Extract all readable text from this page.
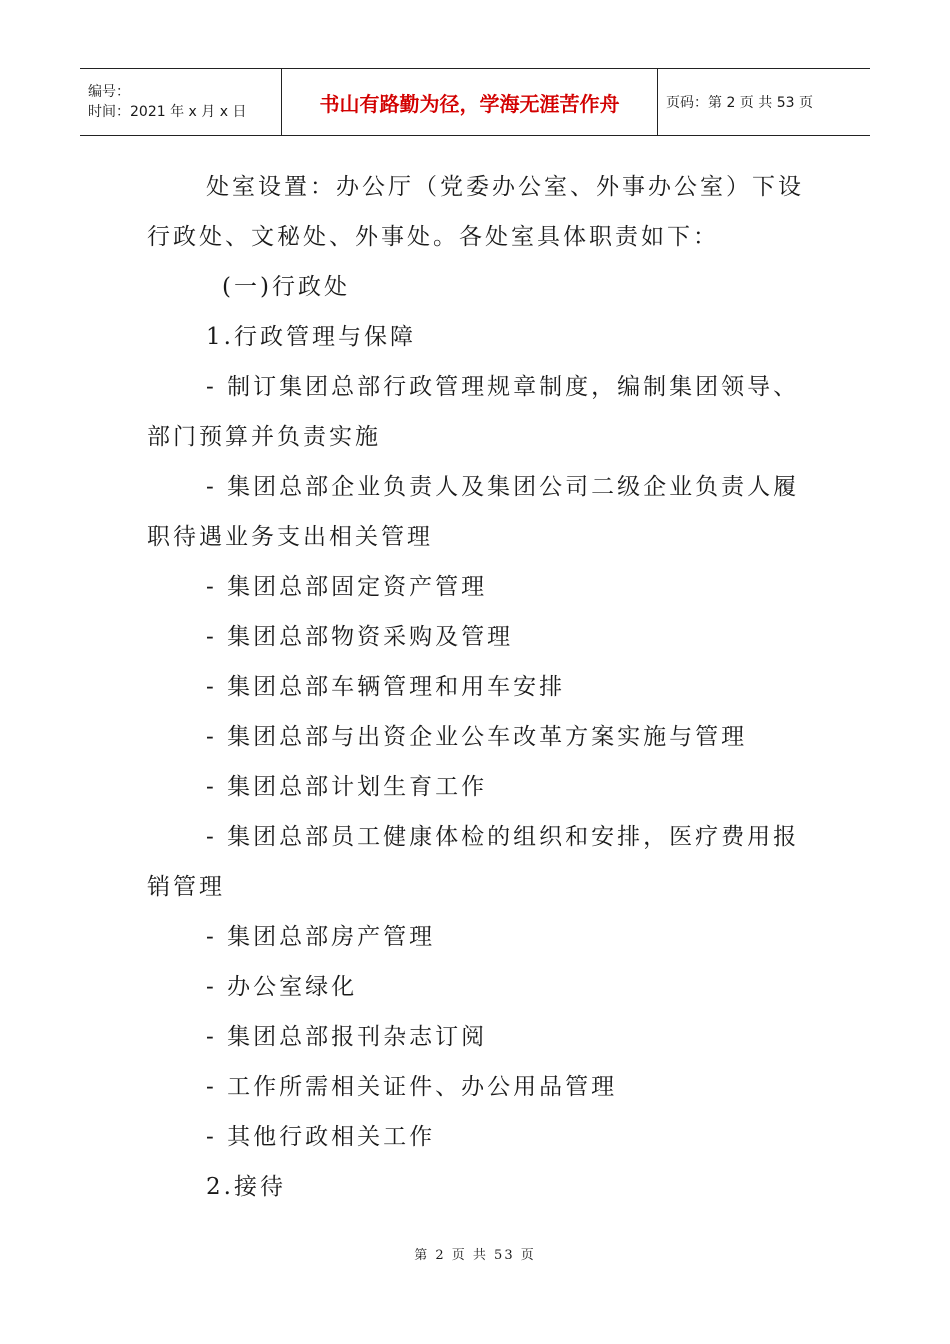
编号：
时间：2021 年 x 月 x 日	书山有路勤为径，学海无涯苦作舟	页码：第 2 页 共 53 页
处室设置：办公厅（党委办公室、外事办公室）下设
行政处、文秘处、外事处。各处室具体职责如下：
(一)行政处
1.行政管理与保障
- 制订集团总部行政管理规章制度，编制集团领导、
部门预算并负责实施
- 集团总部企业负责人及集团公司二级企业负责人履
职待遇业务支出相关管理
- 集团总部固定资产管理
- 集团总部物资采购及管理
- 集团总部车辆管理和用车安排
- 集团总部与出资企业公车改革方案实施与管理
- 集团总部计划生育工作
- 集团总部员工健康体检的组织和安排，医疗费用报
销管理
- 集团总部房产管理
- 办公室绿化
- 集团总部报刊杂志订阅
- 工作所需相关证件、办公用品管理
- 其他行政相关工作
2.接待
第 2 页 共 53 页
